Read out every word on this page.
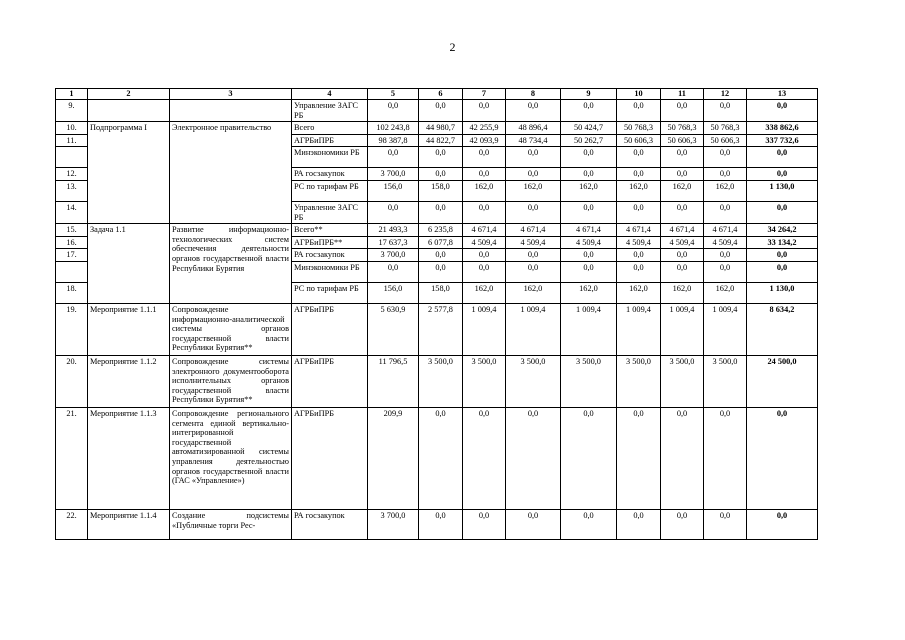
2
1	2	3	4	5	6	7	8	9	10	11	12	13
9.			Управление ЗАГС РБ	0,0	0,0	0,0	0,0	0,0	0,0	0,0	0,0	0,0
10.	Подпрограмма I	Электронное правительство	Всего	102 243,8	44 980,7	42 255,9	48 896,4	50 424,7	50 768,3	50 768,3	50 768,3	338 862,6
11.			АГРБиПРБ	98 387,8	44 822,7	42 093,9	48 734,4	50 262,7	50 606,3	50 606,3	50 606,3	337 732,6
			Минэкономики РБ	0,0	0,0	0,0	0,0	0,0	0,0	0,0	0,0	0,0
12.			РА госзакупок	3 700,0	0,0	0,0	0,0	0,0	0,0	0,0	0,0	0,0
13.			РС по тарифам РБ	156,0	158,0	162,0	162,0	162,0	162,0	162,0	162,0	1 130,0
14.			Управление ЗАГС РБ	0,0	0,0	0,0	0,0	0,0	0,0	0,0	0,0	0,0
15.	Задача 1.1	Развитие информационно-технологических систем обеспечения деятельности органов государственной власти Республики Бурятия	Всего**	21 493,3	6 235,8	4 671,4	4 671,4	4 671,4	4 671,4	4 671,4	4 671,4	34 264,2
16.			АГРБиПРБ**	17 637,3	6 077,8	4 509,4	4 509,4	4 509,4	4 509,4	4 509,4	4 509,4	33 134,2
17.			РА госзакупок	3 700,0	0,0	0,0	0,0	0,0	0,0	0,0	0,0	0,0
			Минэкономики РБ	0,0	0,0	0,0	0,0	0,0	0,0	0,0	0,0	0,0
18.			РС по тарифам РБ	156,0	158,0	162,0	162,0	162,0	162,0	162,0	162,0	1 130,0
19.	Мероприятие 1.1.1	Сопровождение информационно-аналитической системы органов государственной власти Республики Бурятия**	АГРБиПРБ	5 630,9	2 577,8	1 009,4	1 009,4	1 009,4	1 009,4	1 009,4	1 009,4	8 634,2
20.	Мероприятие 1.1.2	Сопровождение системы электронного документооборота исполнительных органов государственной власти Республики Бурятия**	АГРБиПРБ	11 796,5	3 500,0	3 500,0	3 500,0	3 500,0	3 500,0	3 500,0	3 500,0	24 500,0
21.	Мероприятие 1.1.3	Сопровождение регионального сегмента единой вертикально-интегрированной государственной автоматизированной системы управления деятельностью органов государственной власти (ГАС «Управление»)	АГРБиПРБ	209,9	0,0	0,0	0,0	0,0	0,0	0,0	0,0	0,0
22.	Мероприятие 1.1.4	Создание подсистемы «Публичные торги Рес-	РА госзакупок	3 700,0	0,0	0,0	0,0	0,0	0,0	0,0	0,0	0,0
